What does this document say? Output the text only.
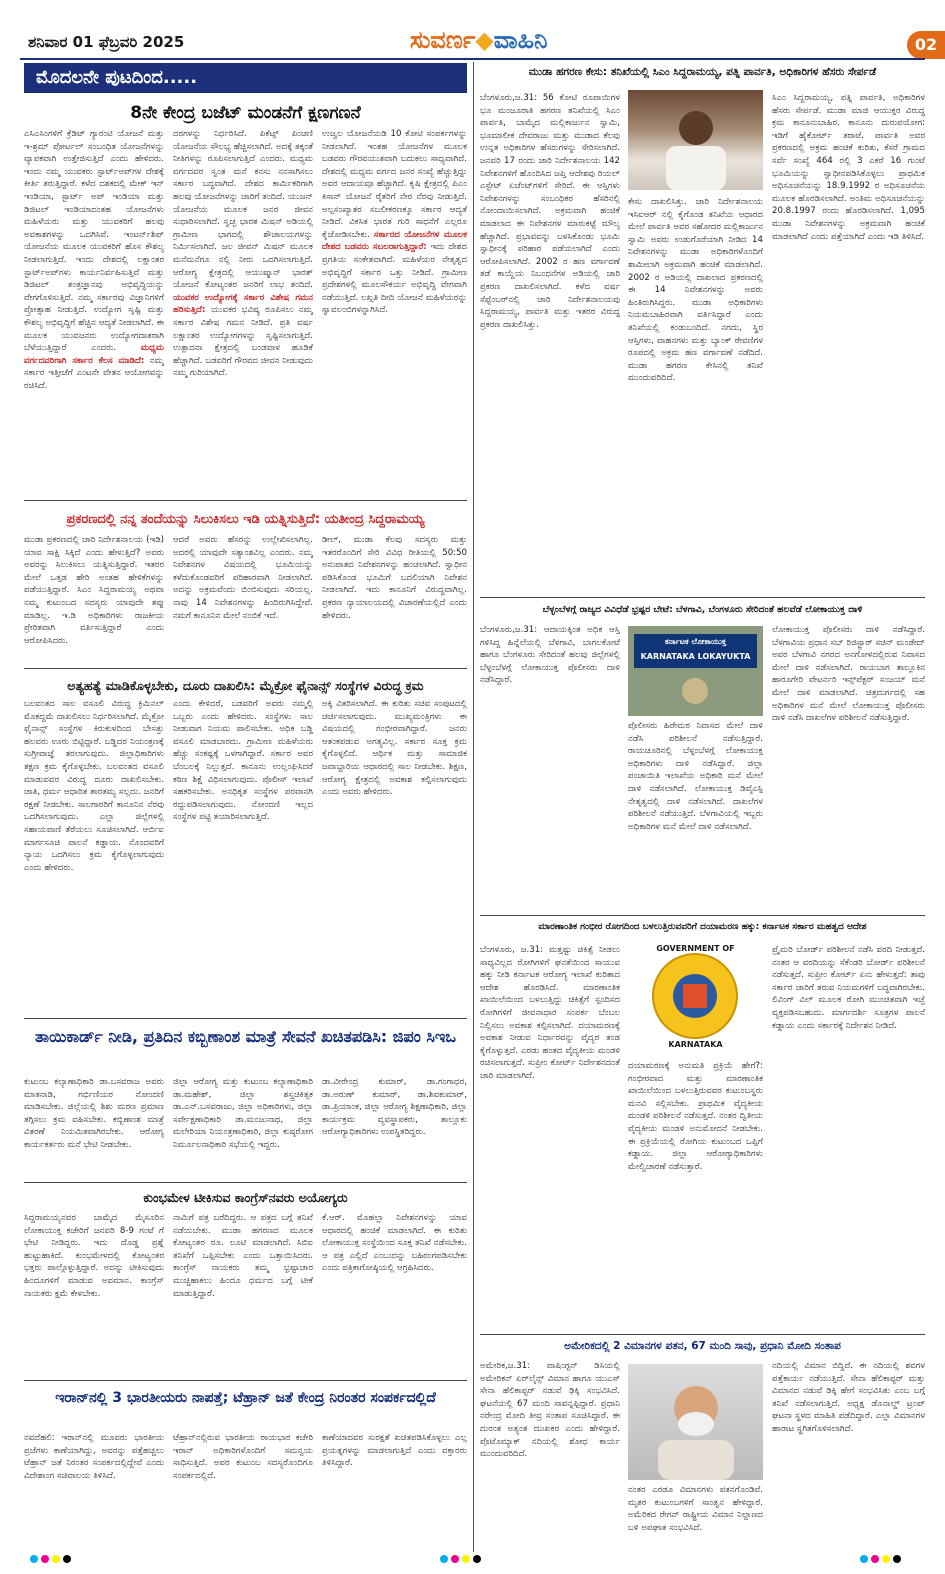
ಶನಿವಾರ 01 ಫೆಬ್ರವರಿ 2025	ಸುವರ್ಣ◆ವಾಹಿನಿ	02
ಮೊದಲನೇ ಪುಟದಿಂದ.....
8ನೇ ಕೇಂದ್ರ ಬಜೆಟ್ ಮಂಡನೆಗೆ ಕ್ಷಣಗಣನೆ
ಎಸಿಎಸಿಂಗಳಿಗೆ ಕ್ರೆಡಿಟ್ ಗ್ಯಾರಂಟಿ ಯೋಜನೆ ಮತ್ತು ಇ-ಶ್ರಮ್ ಪೋರ್ಟಲ್ ಸಂಬಂಧಿತ ಯೋಜನೆಗಳನ್ನು ವ್ಯಾಪಕವಾಗಿ ಉತ್ತೇಜಿಸುತ್ತಿದೆ ಎಂದು ಹೇಳಿದರು. ಇಂದು ನಮ್ಮ ಯುವಕರು ಸ್ಟಾರ್ಟ್‌ಅಪ್‌ಗಳ ದೇಶಕ್ಕೆ ಕೀರ್ತಿ ತರುತ್ತಿದ್ದಾರೆ. ಕಳೆದ ದಶಕದಲ್ಲಿ ಮೇಕ್ ಇನ್ ಇಂಡಿಯಾ, ಸ್ಟಾರ್ಟ್ ಅಪ್ ಇಂಡಿಯಾ ಮತ್ತು ಡಿಜಿಟಲ್ ಇಂಡಿಯಾದಂತಹ ಯೋಜನೆಗಳು ಮಹಿಳೆಯರು ಮತ್ತು ಯುವಕರಿಗೆ ಹಲವು ಅವಕಾಶಗಳನ್ನು ಒದಗಿಸಿವೆ. ಇಂಟರ್ನ್‌ಶಿಪ್ ಯೋಜನೆಯ ಮೂಲಕ ಯುವಕರಿಗೆ ಹೊಸ ಕೌಶಲ್ಯ ನೀಡಲಾಗುತ್ತಿದೆ. ಇಂದು ದೇಶದಲ್ಲಿ ಲಕ್ಷಾಂತರ ಸ್ಟಾರ್ಟ್‌ಅಪ್‌ಗಳು ಕಾರ್ಯನಿರ್ವಹಿಸುತ್ತಿವೆ ಮತ್ತು ಡಿಜಿಟಲ್ ತಂತ್ರಜ್ಞಾನವು ಅಭಿವೃದ್ಧಿಯನ್ನು ವೇಗಗೊಳಿಸುತ್ತಿದೆ. ನಮ್ಮ ಸರ್ಕಾರವು ವಿಜ್ಞಾನಿಗಳಿಗೆ ಪ್ರೋತ್ಸಾಹ ನೀಡುತ್ತಿದೆ. ಉದ್ಯೋಗ ಸೃಷ್ಟಿ ಮತ್ತು ಕೌಶಲ್ಯ ಅಭಿವೃದ್ಧಿಗೆ ಹೆಚ್ಚಿನ ಆದ್ಯತೆ ನೀಡಲಾಗಿದೆ. ಈ ಮೂಲಕ ಯುವಜನರು ಉದ್ಯೋಗದಾತರಾಗಿ ಬೆಳೆಯುತ್ತಿದ್ದಾರೆ ಎಂದರು.	ಮಧ್ಯಮ ವರ್ಗದವರಿಗಾಗಿ ಸರ್ಕಾರ ಕೆಲಸ ಮಾಡಿದೆ: ನಮ್ಮ ಸರ್ಕಾರ ಇತ್ತೀಚೆಗೆ ಎಂಟನೇ ವೇತನ ಆಯೋಗವನ್ನು ರಚಿಸಿದೆ.
ದರಗಳನ್ನು ನಿರ್ಧರಿಸಿದೆ. ಪಿಕೆಟ್ಸ್ ಪಿಂಚಣಿ ಯೋಜನೆಯ ಸೌಲಭ್ಯ ಹೆಚ್ಚಿಸಲಾಗಿದೆ. ಅದಕ್ಕೆ ತಕ್ಕಂತೆ ನೀತಿಗಳನ್ನು ರೂಪಿಸಲಾಗುತ್ತಿದೆ ಎಂದರು. ಮಧ್ಯಮ ವರ್ಗದವರ ಸ್ವಂತ ಮನೆ ಕನಸು ನನಸಾಗಿಸಲು ಸರ್ಕಾರ ಬದ್ಧವಾಗಿದೆ. ದೇಶದ ಕಾರ್ಮಿಕರಿಗಾಗಿ ಹಲವು ಯೋಜನೆಗಳನ್ನು ಜಾರಿಗೆ ತಂದಿದೆ. ಯುಜನ್ ಯೋಜನೆಯ ಮೂಲಕ ಜನರ ಜೀವನ ಸುಧಾರಿಸಲಾಗಿದೆ. ಸ್ವಚ್ಛ ಭಾರತ ಮಿಷನ್ ಅಡಿಯಲ್ಲಿ ಗ್ರಾಮೀಣ ಭಾಗದಲ್ಲಿ ಶೌಚಾಲಯಗಳನ್ನು ನಿರ್ಮಿಸಲಾಗಿದೆ. ಜಲ ಜೀವನ್ ಮಿಷನ್ ಮೂಲಕ ಮನೆಮನೆಗೂ ನಲ್ಲಿ ನೀರು ಒದಗಿಸಲಾಗುತ್ತಿದೆ. ಆರೋಗ್ಯ ಕ್ಷೇತ್ರದಲ್ಲಿ ಆಯುಷ್ಮಾನ್ ಭಾರತ್ ಯೋಜನೆ ಕೋಟ್ಯಂತರ ಜನರಿಗೆ ಲಾಭ ತಂದಿದೆ. ಯುವಕರ ಉದ್ಯೋಗಕ್ಕೆ ಸರ್ಕಾರ ವಿಶೇಷ ಗಮನ ಹರಿಸುತ್ತಿದೆ: ಯುವಕರ ಭವಿಷ್ಯ ರೂಪಿಸಲು ನಮ್ಮ ಸರ್ಕಾರ ವಿಶೇಷ ಗಮನ ನೀಡಿದೆ. ಪ್ರತಿ ವರ್ಷ ಲಕ್ಷಾಂತರ ಉದ್ಯೋಗಗಳನ್ನು ಸೃಷ್ಟಿಸಲಾಗುತ್ತಿದೆ. ಉತ್ಪಾದನಾ ಕ್ಷೇತ್ರದಲ್ಲಿ ಬಂಡವಾಳ ಹೂಡಿಕೆ ಹೆಚ್ಚಾಗಿದೆ. ಬಡವರಿಗೆ ಗೌರವದ ಜೀವನ ನೀಡುವುದು ನಮ್ಮ ಗುರಿಯಾಗಿದೆ.
ಉಜ್ವಲ ಯೋಜನೆಯಡಿ 10 ಕೋಟಿ ಸಂಪರ್ಕಗಳನ್ನು ನೀಡಲಾಗಿದೆ. ಇಂತಹ ಯೋಜನೆಗಳ ಮೂಲಕ ಬಡವರು ಗೌರವಯುತವಾಗಿ ಬದುಕಲು ಸಾಧ್ಯವಾಗಿದೆ. ದೇಶದಲ್ಲಿ ಮಧ್ಯಮ ವರ್ಗದ ಜನರ ಸಂಖ್ಯೆ ಹೆಚ್ಚುತ್ತಿದ್ದು ಅವರ ಆದಾಯವೂ ಹೆಚ್ಚಾಗಿದೆ. ಕೃಷಿ ಕ್ಷೇತ್ರದಲ್ಲಿ ಪಿಎಂ ಕಿಸಾನ್ ಯೋಜನೆ ರೈತರಿಗೆ ನೇರ ನೆರವು ನೀಡುತ್ತಿದೆ. ಅಲ್ಪಸಂಖ್ಯಾತರ ಸಬಲೀಕರಣಕ್ಕೂ ಸರ್ಕಾರ ಆದ್ಯತೆ ನೀಡಿದೆ. ವಿಕಸಿತ ಭಾರತ ಗುರಿ ಸಾಧನೆಗೆ ಎಲ್ಲರೂ ಕೈಜೋಡಿಸಬೇಕು. ಸರ್ಕಾರದ ಯೋಜನೆಗಳ ಮೂಲಕ ದೇಶದ ಬಡವರು ಸಬಲರಾಗುತ್ತಿದ್ದಾರೆ: ಇದು ದೇಶದ ಪ್ರಗತಿಯ ಸಂಕೇತವಾಗಿದೆ. ಮಹಿಳೆಯರ ನೇತೃತ್ವದ ಅಭಿವೃದ್ಧಿಗೆ ಸರ್ಕಾರ ಒತ್ತು ನೀಡಿದೆ. ಗ್ರಾಮೀಣ ಪ್ರದೇಶಗಳಲ್ಲಿ ಮೂಲಸೌಕರ್ಯ ಅಭಿವೃದ್ಧಿ ವೇಗವಾಗಿ ನಡೆಯುತ್ತಿದೆ. ಲಖ್ಪತಿ ದೀದಿ ಯೋಜನೆ ಮಹಿಳೆಯರನ್ನು ಸ್ವಾವಲಂಬಿಗಳನ್ನಾಗಿಸಿದೆ.
ಪ್ರಕರಣದಲ್ಲಿ ನನ್ನ ತಂದೆಯನ್ನು ಸಿಲುಕಿಸಲು ಇಡಿ ಯತ್ನಿಸುತ್ತಿದೆ: ಯತೀಂದ್ರ ಸಿದ್ದರಾಮಯ್ಯ
ಮುಡಾ ಪ್ರಕರಣದಲ್ಲಿ ಜಾರಿ ನಿರ್ದೇಶನಾಲಯ (ಇಡಿ) ಯಾವ ಸಾಕ್ಷಿ ಸಿಕ್ಕಿದೆ ಎಂದು ಹೇಳುತ್ತಿದೆ? ಅವರು ಅವರನ್ನು ಸಿಲುಕಿಸಲು ಯತ್ನಿಸುತ್ತಿದ್ದಾರೆ. ಇತರರ ಮೇಲೆ ಒತ್ತಡ ಹೇರಿ ಅಂತಹ ಹೇಳಿಕೆಗಳನ್ನು ಪಡೆಯುತ್ತಿದ್ದಾರೆ. ಸಿಎಂ ಸಿದ್ದರಾಮಯ್ಯ ಅಥವಾ ನಮ್ಮ ಕುಟುಂಬದ ಸದಸ್ಯರು ಯಾವುದೇ ತಪ್ಪು ಮಾಡಿಲ್ಲ. ಇ.ಡಿ ಅಧಿಕಾರಿಗಳು ರಾಜಕೀಯ ಪ್ರೇರಿತವಾಗಿ ವರ್ತಿಸುತ್ತಿದ್ದಾರೆ ಎಂದು ಆರೋಪಿಸಿದರು.
ಆದರೆ ಅವರು ಹೆಸರನ್ನು ಉಲ್ಲೇಖಿಸಲಾಗಿಲ್ಲ. ಅದರಲ್ಲಿ ಯಾವುದೇ ಸತ್ಯಾಂಶವಿಲ್ಲ ಎಂದರು. ನಮ್ಮ ನಿವೇಶನಗಳ ವಿಷಯದಲ್ಲಿ ಭೂಮಿಯನ್ನು ಕಳೆದುಕೊಂಡವರಿಗೆ ಪರಿಹಾರವಾಗಿ ನೀಡಲಾಗಿದೆ. ಅದನ್ನು ಅಕ್ರಮವೆಂದು ಬಿಂಬಿಸುವುದು ಸರಿಯಲ್ಲ. ನಾವು 14 ನಿವೇಶನಗಳನ್ನು ಹಿಂದಿರುಗಿಸಿದ್ದೇವೆ. ನಮಗೆ ಕಾನೂನಿನ ಮೇಲೆ ನಂಬಿಕೆ ಇದೆ.
ಡೀಲ್, ಮುಡಾ ಕೆಲವು ಸದಸ್ಯರು ಮತ್ತು ಇತರರೊಂದಿಗೆ ಸೇರಿ ವಿವಿಧ ರೀತಿಯಲ್ಲಿ 50:50 ಅನುಪಾತದ ನಿವೇಶನಗಳನ್ನು ಹಂಚಲಾಗಿದೆ. ಸ್ವಾಧೀನ ಪಡಿಸಿಕೊಂಡ ಭೂಮಿಗೆ ಬದಲಿಯಾಗಿ ನಿವೇಶನ ನೀಡಲಾಗಿದೆ. ಇದು ಕಾನೂನಿಗೆ ವಿರುದ್ಧವಾಗಿಲ್ಲ. ಪ್ರಕರಣ ನ್ಯಾಯಾಲಯದಲ್ಲಿ ವಿಚಾರಣೆಯಲ್ಲಿದೆ ಎಂದು ಹೇಳಿದರು.
ಅತ್ಯಹತ್ಯೆ ಮಾಡಿಕೊಳ್ಳಬೇಕು, ದೂರು ದಾಖಲಿಸಿ: ಮೈಕ್ರೋ ಫೈನಾನ್ಸ್ ಸಂಸ್ಥೆಗಳ ವಿರುದ್ಧ ಕ್ರಮ
ಬಲವಂತದ ಸಾಲ ವಸೂಲಿ ವಿರುದ್ಧ ಕ್ರಿಮಿನಲ್ ಮೊಕದ್ದಮೆ ದಾಖಲಿಸಲು ನಿರ್ಧರಿಸಲಾಗಿದೆ. ಮೈಕ್ರೋ ಫೈನಾನ್ಸ್ ಸಂಸ್ಥೆಗಳ ಕಿರುಕುಳದಿಂದ ಬೇಸತ್ತು ಹಲವರು ಊರು ಬಿಟ್ಟಿದ್ದಾರೆ. ಬಡ್ಡಿದರ ನಿಯಂತ್ರಣಕ್ಕೆ ಸುಗ್ರೀವಾಜ್ಞೆ ತರಲಾಗುವುದು. ಜಿಲ್ಲಾಧಿಕಾರಿಗಳು ತಕ್ಷಣ ಕ್ರಮ ಕೈಗೊಳ್ಳಬೇಕು. ಬಲವಂತದ ವಸೂಲಿ ಮಾಡುವವರ ವಿರುದ್ಧ ದೂರು ದಾಖಲಿಸಬೇಕು. ಜಾತಿ, ಧರ್ಮ ಆಧಾರಿತ ತಾರತಮ್ಯ ಸಲ್ಲದು. ಜನರಿಗೆ ರಕ್ಷಣೆ ನೀಡಬೇಕು. ಸಾಲಗಾರರಿಗೆ ಕಾನೂನಿನ ನೆರವು ಒದಗಿಸಲಾಗುವುದು. ಎಲ್ಲಾ ಜಿಲ್ಲೆಗಳಲ್ಲಿ ಸಹಾಯವಾಣಿ ತೆರೆಯಲು ಸೂಚಿಸಲಾಗಿದೆ. ಆರ್ಬಿಐ ಮಾರ್ಗಸೂಚಿ ಪಾಲನೆ ಕಡ್ಡಾಯ. ನೊಂದವರಿಗೆ ನ್ಯಾಯ ಒದಗಿಸಲು ಕ್ರಮ ಕೈಗೊಳ್ಳಲಾಗುವುದು ಎಂದು ಹೇಳಿದರು.
ಎಂದು ಕೇಳಿದರೆ, ಬಡವರಿಗೆ ಅವರು ನಮ್ಮಲ್ಲಿ ಒಬ್ಬರು ಎಂದು ಹೇಳಿದರು. ಸಂಸ್ಥೆಗಳು ಸಾಲ ನೀಡುವಾಗ ನಿಯಮ ಪಾಲಿಸಬೇಕು. ಅಧಿಕ ಬಡ್ಡಿ ವಸೂಲಿ ಮಾಡಬಾರದು. ಗ್ರಾಮೀಣ ಮಹಿಳೆಯರು ಹೆಚ್ಚು ಸಂಕಷ್ಟಕ್ಕೆ ಒಳಗಾಗಿದ್ದಾರೆ. ಸರ್ಕಾರ ಅವರ ಬೆಂಬಲಕ್ಕೆ ನಿಲ್ಲುತ್ತದೆ. ಕಾನೂನು ಉಲ್ಲಂಘಿಸಿದರೆ ಕಠಿಣ ಶಿಕ್ಷೆ ವಿಧಿಸಲಾಗುವುದು. ಪೊಲೀಸ್ ಇಲಾಖೆ ಸಹಕರಿಸಬೇಕು. ಅನಧಿಕೃತ ಸಂಸ್ಥೆಗಳ ಪರವಾನಗಿ ರದ್ದುಪಡಿಸಲಾಗುವುದು. ನೋಂದಣಿ ಇಲ್ಲದ ಸಂಸ್ಥೆಗಳ ಪಟ್ಟಿ ತಯಾರಿಸಲಾಗುತ್ತಿದೆ.
ಅಕ್ಕಿ ವಿತರಿಸಲಾಗಿದೆ. ಈ ಕುರಿತು ಸಚಿವ ಸಂಪುಟದಲ್ಲಿ ಚರ್ಚಿಸಲಾಗುವುದು. ಮುಖ್ಯಮಂತ್ರಿಗಳು ಈ ವಿಷಯದಲ್ಲಿ ಗಂಭೀರವಾಗಿದ್ದಾರೆ. ಜನರು ಆತಂಕಪಡುವ ಅಗತ್ಯವಿಲ್ಲ. ಸರ್ಕಾರ ಸೂಕ್ತ ಕ್ರಮ ಕೈಗೊಳ್ಳಲಿದೆ. ಆರ್ಥಿಕ ಮತ್ತು ಸಾಮಾಜಿಕ ಜವಾಬ್ದಾರಿಯ ಆಧಾರದಲ್ಲಿ ಸಾಲ ನೀಡಬೇಕು. ಶಿಕ್ಷಣ, ಆರೋಗ್ಯ ಕ್ಷೇತ್ರದಲ್ಲಿ ಅವಕಾಶ ಕಲ್ಪಿಸಲಾಗುವುದು ಎಂದು ಅವರು ಹೇಳಿದರು.
ತಾಯಿಕಾರ್ಡ್ ನೀಡಿ, ಪ್ರತಿದಿನ ಕಬ್ಬಿಣಾಂಶ ಮಾತ್ರೆ ಸೇವನೆ ಖಚಿತಪಡಿಸಿ: ಜಿಪಂ ಸಿಇಒ
ಕುಟುಂಬ ಕಲ್ಯಾಣಾಧಿಕಾರಿ ಡಾ.ಬಸವರಾಜ ಅವರು ಮಾತನಾಡಿ, ಗರ್ಭಿಣಿಯರ ನೋಂದಣಿ ಮಾಡಿಸಬೇಕು. ಜಿಲ್ಲೆಯಲ್ಲಿ ಶಿಶು ಮರಣ ಪ್ರಮಾಣ ತಗ್ಗಿಸಲು ಕ್ರಮ ವಹಿಸಬೇಕು. ಕಬ್ಬಿಣಾಂಶ ಮಾತ್ರೆ ವಿತರಣೆ ನಿಯಮಿತವಾಗಿರಬೇಕು. ಆರೋಗ್ಯ ಕಾರ್ಯಕರ್ತರು ಮನೆ ಭೇಟಿ ನೀಡಬೇಕು.
ಜಿಲ್ಲಾ ಆರೋಗ್ಯ ಮತ್ತು ಕುಟುಂಬ ಕಲ್ಯಾಣಾಧಿಕಾರಿ ಡಾ.ಮಹೇಶ್, ಜಿಲ್ಲಾ ಶಸ್ತ್ರಚಿಕಿತ್ಸಕ ಡಾ.ಎನ್.ಬಸವರಾಜು, ಜಿಲ್ಲಾ ಅಧಿಕಾರಿಗಳು, ಜಿಲ್ಲಾ ಸರ್ವೇಕ್ಷಣಾಧಿಕಾರಿ ಡಾ.ಮಂಜುನಾಥ, ಜಿಲ್ಲಾ ಮಲೇರಿಯಾ ನಿಯಂತ್ರಣಾಧಿಕಾರಿ, ಜಿಲ್ಲಾ ಕುಷ್ಠರೋಗ ನಿರ್ಮೂಲನಾಧಿಕಾರಿ ಸಭೆಯಲ್ಲಿ ಇದ್ದರು.
ಡಾ.ವೀರೇಂದ್ರ ಕುಮಾರ್, ಡಾ.ಗಂಗಾಧರ, ಡಾ.ಅರುಣ್ ಕುಮಾರ್, ಡಾ.ಶಿವಕುಮಾರ್, ಡಾ.ಪ್ರಿಯಾಂಕ, ಜಿಲ್ಲಾ ಆರೋಗ್ಯ ಶಿಕ್ಷಣಾಧಿಕಾರಿ, ಜಿಲ್ಲಾ ಕಾರ್ಯಕ್ರಮ ವ್ಯವಸ್ಥಾಪಕರು, ತಾಲ್ಲೂಕು ಆರೋಗ್ಯಾಧಿಕಾರಿಗಳು ಉಪಸ್ಥಿತರಿದ್ದರು.
ಕುಂಭಮೇಳ ಟೀಕಿಸುವ ಕಾಂಗ್ರೆಸ್‌ನವರು ಅಯೋಗ್ಯರು
ಸಿದ್ದರಾಮಯ್ಯನವರ ಬಾಮೈದ ಮೈಸೂರಿನ ಲೋಕಾಯುಕ್ತ ಕಚೇರಿಗೆ ಜನವರಿ 8-9 ಗಂಟೆ ಗೆ ಭೇಟಿ ನೀಡಿದ್ದರು. ಇದು ದೊಡ್ಡ ಪ್ರಶ್ನೆ ಹುಟ್ಟುಹಾಕಿದೆ. ಕುಂಭಮೇಳದಲ್ಲಿ ಕೋಟ್ಯಂತರ ಭಕ್ತರು ಪಾಲ್ಗೊಳ್ಳುತ್ತಿದ್ದಾರೆ. ಅದನ್ನು ಟೀಕಿಸುವುದು ಹಿಂದೂಗಳಿಗೆ ಮಾಡುವ ಅವಮಾನ. ಕಾಂಗ್ರೆಸ್ ನಾಯಕರು ಕ್ಷಮೆ ಕೇಳಬೇಕು.
ನಾಮಿಗೆ ಪತ್ರ ಬರೆದಿದ್ದರು. ಆ ಪತ್ರದ ಬಗ್ಗೆ ತನಿಖೆ ನಡೆಯಬೇಕು. ಮುಡಾ ಹಗರಣದ ಮೂಲಕ ಕೋಟ್ಯಂತರ ರೂ. ಲೂಟಿ ಮಾಡಲಾಗಿದೆ. ಸಿಬಿಐ ತನಿಖೆಗೆ ಒಪ್ಪಿಸಬೇಕು ಎಂದು ಒತ್ತಾಯಿಸಿದರು. ಕಾಂಗ್ರೆಸ್ ನಾಯಕರು ತಮ್ಮ ಭ್ರಷ್ಟಾಚಾರ ಮುಚ್ಚಿಹಾಕಲು ಹಿಂದೂ ಧರ್ಮದ ಬಗ್ಗೆ ಟೀಕೆ ಮಾಡುತ್ತಿದ್ದಾರೆ.
ಕೆ.ಆರ್. ಮೊಹಲ್ಲಾ ನಿವೇಶನಗಳನ್ನು ಯಾವ ಆಧಾರದಲ್ಲಿ ಹಂಚಿಕೆ ಮಾಡಲಾಗಿದೆ. ಈ ಕುರಿತು ಲೋಕಾಯುಕ್ತ ಸಂಸ್ಥೆಯಿಂದ ಸೂಕ್ತ ತನಿಖೆ ನಡೆಸಬೇಕು. ಆ ಪತ್ರ ಎಲ್ಲಿದೆ ಎಂಬುದನ್ನು ಬಹಿರಂಗಪಡಿಸಬೇಕು ಎಂದು ಪತ್ರಿಕಾಗೋಷ್ಠಿಯಲ್ಲಿ ಆಗ್ರಹಿಸಿದರು.
ಇರಾನ್‌ನಲ್ಲಿ 3 ಭಾರತೀಯರು ನಾಪತ್ತೆ; ಟೆಹ್ರಾನ್ ಜತೆ ಕೇಂದ್ರ ನಿರಂತರ ಸಂಪರ್ಕದಲ್ಲಿದೆ
ನವದೆಹಲಿ: ಇರಾನ್‌ನಲ್ಲಿ ಮೂವರು ಭಾರತೀಯ ಪ್ರಜೆಗಳು ಕಾಣೆಯಾಗಿದ್ದು, ಅವರನ್ನು ಪತ್ತೆಹಚ್ಚಲು ಟೆಹ್ರಾನ್ ಜತೆ ನಿರಂತರ ಸಂಪರ್ಕದಲ್ಲಿದ್ದೇವೆ ಎಂದು ವಿದೇಶಾಂಗ ಸಚಿವಾಲಯ ತಿಳಿಸಿದೆ.
ಟೆಹ್ರಾನ್‌ನಲ್ಲಿರುವ ಭಾರತೀಯ ರಾಯಭಾರ ಕಚೇರಿ ಇರಾನ್ ಅಧಿಕಾರಿಗಳೊಂದಿಗೆ ಸಮನ್ವಯ ಸಾಧಿಸುತ್ತಿದೆ. ಅವರ ಕುಟುಂಬ ಸದಸ್ಯರೊಂದಿಗೂ ಸಂಪರ್ಕದಲ್ಲಿದೆ.
ಕಾಣೆಯಾದವರ ಸುರಕ್ಷತೆ ಖಚಿತಪಡಿಸಿಕೊಳ್ಳಲು ಎಲ್ಲ ಪ್ರಯತ್ನಗಳನ್ನು ಮಾಡಲಾಗುತ್ತಿದೆ ಎಂದು ವಕ್ತಾರರು ತಿಳಿಸಿದ್ದಾರೆ.
ಮುಡಾ ಹಗರಣ ಕೇಸು: ತನಿಖೆಯಲ್ಲಿ ಸಿಎಂ ಸಿದ್ದರಾಮಯ್ಯ, ಪತ್ನಿ ಪಾರ್ವತಿ, ಅಧಿಕಾರಿಗಳ ಹೆಸರು ಸೇರ್ಪಡೆ
ಬೆಂಗಳೂರು,ಜ.31: 56 ಕೋಟಿ ರೂಪಾಯಿಗಳ ಭೂ ಮಂಜೂರಾತಿ ಹಗರಣ ತನಿಖೆಯಲ್ಲಿ ಸಿಎಂ ಪಾರ್ವತಿ, ಬಾಮೈದ ಮಲ್ಲಿಕಾರ್ಜುನ ಸ್ವಾಮಿ, ಭೂಮಾಲೀಕ ದೇವರಾಜು ಮತ್ತು ಮುಡಾದ ಕೆಲವು ಉನ್ನತ ಅಧಿಕಾರಿಗಳ ಹೆಸರುಗಳನ್ನು ಸೇರಿಸಲಾಗಿದೆ. ಜನವರಿ 17 ರಂದು ಜಾರಿ ನಿರ್ದೇಶನಾಲಯ 142 ನಿವೇಶನಗಳಿಗೆ ಹೊಂದಿಸಿದ ಜಪ್ತಿ ಆದೇಶವು ರಿಯಲ್ ಎಸ್ಟೇಟ್ ಏಜೆಂಟ್‌ಗಳಿಗೆ ಸೇರಿದೆ. ಈ ಆಸ್ತಿಗಳು ನಿವೇಶನಗಳನ್ನು ಸಂಬಂಧಿಕರ ಹೆಸರಿನಲ್ಲಿ ನೋಂದಾಯಿಸಲಾಗಿದೆ. ಅಕ್ರಮವಾಗಿ ಹಂಚಿಕೆ ಮಾಡಲಾದ ಈ ನಿವೇಶನಗಳ ಮಾರುಕಟ್ಟೆ ಮೌಲ್ಯ ಹೆಚ್ಚಾಗಿದೆ. ಪ್ರಭಾವವನ್ನು ಬಳಸಿಕೊಂಡು ಭೂಮಿ ಸ್ವಾಧೀನಕ್ಕೆ ಪರಿಹಾರ ಪಡೆಯಲಾಗಿದೆ ಎಂದು ಆರೋಪಿಸಲಾಗಿದೆ. 2002 ರ ಹಣ ವರ್ಗಾವಣೆ ತಡೆ ಕಾಯ್ದೆಯ ನಿಬಂಧನೆಗಳ ಅಡಿಯಲ್ಲಿ ಜಾರಿ ಪ್ರಕರಣ ದಾಖಲಿಸಲಾಗಿದೆ. ಕಳೆದ ವರ್ಷ ಸೆಪ್ಟೆಂಬರ್‌ನಲ್ಲಿ ಜಾರಿ ನಿರ್ದೇಶನಾಲಯವು ಸಿದ್ದರಾಮಯ್ಯ, ಪಾರ್ವತಿ ಮತ್ತು ಇತರರ ವಿರುದ್ಧ ಪ್ರಕರಣ ದಾಖಲಿಸಿತ್ತು.
ಕೇಸು ದಾಖಲಿಸಿತ್ತು. ಜಾರಿ ನಿರ್ದೇಶನಾಲಯ ಇಸಿಐಆರ್ ನಲ್ಲಿ ಕೈಗೊಂಡ ತನಿಖೆಯ ಆಧಾರದ ಮೇಲೆ ಪಾರ್ವತಿ ಅವರ ಸಹೋದರ ಮಲ್ಲಿಕಾರ್ಜುನ ಸ್ವಾಮಿ ಅವರು ಉಡುಗೊರೆಯಾಗಿ ನೀಡಿದ 14 ನಿವೇಶನಗಳನ್ನು ಮುಡಾ ಅಧಿಕಾರಿಗಳೊಂದಿಗೆ ಶಾಮೀಲಾಗಿ ಅಕ್ರಮವಾಗಿ ಹಂಚಿಕೆ ಮಾಡಲಾಗಿದೆ. 2002 ರ ಅಡಿಯಲ್ಲಿ ದಾಖಲಾದ ಪ್ರಕರಣದಲ್ಲಿ ಈ 14 ನಿವೇಶನಗಳನ್ನು ಅವರು ಹಿಂತಿರುಗಿಸಿದ್ದರು. ಮುಡಾ ಅಧಿಕಾರಿಗಳು ನಿಯಮಬಾಹಿರವಾಗಿ ವರ್ತಿಸಿದ್ದಾರೆ ಎಂದು ತನಿಖೆಯಲ್ಲಿ ಕಂಡುಬಂದಿದೆ. ನಗದು, ಸ್ಥಿರ ಆಸ್ತಿಗಳು, ವಾಹನಗಳು ಮತ್ತು ಬ್ಯಾಂಕ್ ಠೇವಣಿಗಳ ರೂಪದಲ್ಲಿ ಅಕ್ರಮ ಹಣ ವರ್ಗಾವಣೆ ನಡೆದಿದೆ. ಮುಡಾ ಹಗರಣ ಕೇಸಿನಲ್ಲಿ ತನಿಖೆ ಮುಂದುವರಿದಿದೆ.
ಸಿಎಂ ಸಿದ್ದರಾಮಯ್ಯ, ಪತ್ನಿ ಪಾರ್ವತಿ, ಅಧಿಕಾರಿಗಳ ಹೆಸರು ಸೇರ್ಪಡೆ. ಮುಡಾ ಮಾಜಿ ಆಯುಕ್ತರ ವಿರುದ್ಧ ಕ್ರಮ ಕಾನೂನುಬಾಹಿರ. ಕಾನೂನು ದುರುಪಯೋಗ: ಇಡಿಗೆ ಹೈಕೋರ್ಟ್ ತರಾಟೆ. ಪಾರ್ವತಿ ಅವರ ಪ್ರಕರಣದಲ್ಲಿ ಅಕ್ರಮ ಹಂಚಿಕೆ ಕುರಿತು, ಕೆಸರೆ ಗ್ರಾಮದ ಸರ್ವೆ ಸಂಖ್ಯೆ 464 ರಲ್ಲಿ 3 ಎಕರೆ 16 ಗುಂಟೆ ಭೂಮಿಯನ್ನು ಸ್ವಾಧೀನಪಡಿಸಿಕೊಳ್ಳಲು ಪ್ರಾಥಮಿಕ ಅಧಿಸೂಚನೆಯನ್ನು 18.9.1992 ರ ಅಧಿಸೂಚನೆಯ ಮೂಲಕ ಹೊರಡಿಸಲಾಗಿದೆ. ಅಂತಿಮ ಅಧಿಸೂಚನೆಯನ್ನು 20.8.1997 ರಂದು ಹೊರಡಿಸಲಾಗಿದೆ. 1,095 ಮುಡಾ ನಿವೇಶನಗಳನ್ನು ಅಕ್ರಮವಾಗಿ ಹಂಚಿಕೆ ಮಾಡಲಾಗಿದೆ ಎಂದು ಪತ್ತೆಯಾಗಿದೆ ಎಂದು ಇಡಿ ತಿಳಿಸಿದೆ.
ಬೆಳ್ಳಂಬೆಳಗ್ಗೆ ರಾಜ್ಯದ ವಿವಿಧೆಡೆ ಭ್ರಷ್ಟರ ಬೇಟೆ: ಬೆಳಗಾವಿ, ಬೆಂಗಳೂರು ಸೇರಿದಂತೆ ಹಲವೆಡೆ ಲೋಕಾಯುಕ್ತ ದಾಳಿ
ಬೆಂಗಳೂರು,ಜ.31: ಆದಾಯಕ್ಕಿಂತ ಅಧಿಕ ಆಸ್ತಿ ಗಳಿಸಿದ್ದ ಹಿನ್ನೆಲೆಯಲ್ಲಿ ಬೆಳಗಾವಿ, ಬಾಗಲಕೋಟೆ ಹಾಗೂ ಬೆಂಗಳೂರು ಸೇರಿದಂತೆ ಹಲವು ಜಿಲ್ಲೆಗಳಲ್ಲಿ ಬೆಳ್ಳಂಬೆಳಗ್ಗೆ ಲೋಕಾಯುಕ್ತ ಪೊಲೀಸರು ದಾಳಿ ನಡೆಸಿದ್ದಾರೆ.
ಕರ್ನಾಟಕ ಲೋಕಾಯುಕ್ತ
KARNATAKA LOKAYUKTA
ಪೊಲೀಸರು ಹಿರೇಮಠ ನಿವಾಸದ ಮೇಲೆ ದಾಳಿ ನಡೆಸಿ ಪರಿಶೀಲನೆ ನಡೆಸುತ್ತಿದ್ದಾರೆ. ರಾಯಚೂರಿನಲ್ಲಿ ಬೆಳ್ಳಂಬೆಳಗ್ಗೆ ಲೋಕಾಯುಕ್ತ ಅಧಿಕಾರಿಗಳು ದಾಳಿ ನಡೆಸಿದ್ದಾರೆ. ಜಿಲ್ಲಾ ಪಂಚಾಯಿತಿ ಇಲಾಖೆಯ ಅಧಿಕಾರಿ ಮನೆ ಮೇಲೆ ದಾಳಿ ನಡೆಸಲಾಗಿದೆ. ಲೋಕಾಯುಕ್ತ ಡಿವೈಎಸ್ಪಿ ನೇತೃತ್ವದಲ್ಲಿ ದಾಳಿ ನಡೆಸಲಾಗಿದೆ. ದಾಖಲೆಗಳ ಪರಿಶೀಲನೆ ನಡೆಯುತ್ತಿದೆ. ಬೆಳಗಾವಿಯಲ್ಲಿ ಇಬ್ಬರು ಅಧಿಕಾರಿಗಳ ಮನೆ ಮೇಲೆ ದಾಳಿ ನಡೆಸಲಾಗಿದೆ.
ಲೋಕಾಯುಕ್ತ ಪೊಲೀಸರು ದಾಳಿ ನಡೆಸಿದ್ದಾರೆ. ಬೆಳಗಾವಿಯ ಪ್ರಧಾನ ಸಬ್ ರಿಜಿಸ್ಟ್ರಾರ್ ಸಚಿನ್ ಮಂಡೇದ್ ಅವರ ಬೆಳಗಾವಿ ನಗರದ ಅನಗೋಳದಲ್ಲಿರುವ ನಿವಾಸದ ಮೇಲೆ ದಾಳಿ ನಡೆಸಲಾಗಿದೆ. ರಾಯಬಾಗ ತಾಲ್ಲೂಕಿನ ಹಾರೂಗೇರಿ ವೇಟರ್ನರಿ ಇನ್ಸ್‌ಪೆಕ್ಟರ್ ಸಂಜಯ್ ಮನೆ ಮೇಲೆ ದಾಳಿ ಮಾಡಲಾಗಿದೆ. ಚಿತ್ರದುರ್ಗದಲ್ಲಿ ಸಹ ಅಧಿಕಾರಿಗಳ ಮನೆ ಮೇಲೆ ಲೋಕಾಯುಕ್ತ ಪೊಲೀಸರು ದಾಳಿ ನಡೆಸಿ ದಾಖಲೆಗಳ ಪರಿಶೀಲನೆ ನಡೆಸುತ್ತಿದ್ದಾರೆ.
ಮಾರಣಾಂತಿಕ ಗಂಭೀರ ರೋಗದಿಂದ ಬಳಲುತ್ತಿರುವವರಿಗೆ ದಯಾಮರಣ ಹಕ್ಕು: ಕರ್ನಾಟಕ ಸರ್ಕಾರ ಮಹತ್ವದ ಆದೇಶ
ಬೆಂಗಳೂರು, ಜ.31: ಮತ್ತಷ್ಟು ಚಿಕಿತ್ಸೆ ನೀಡಲು ಸಾಧ್ಯವಿಲ್ಲದ ರೋಗಿಗಳಿಗೆ ಘನತೆಯಿಂದ ಸಾಯುವ ಹಕ್ಕು ನೀಡಿ ಕರ್ನಾಟಕ ಆರೋಗ್ಯ ಇಲಾಖೆ ಕುರಿತಾದ ಆದೇಶ ಹೊರಡಿಸಿದೆ. ಮಾರಣಾಂತಿಕ ಖಾಯಿಲೆಯಿಂದ ಬಳಲುತ್ತಿದ್ದು ಚಿಕಿತ್ಸೆಗೆ ಸ್ಪಂದಿಸದ ರೋಗಿಗಳಿಗೆ ಜೀವನಾಧಾರ ಸಂಪರ್ಕ ಬೆಂಬಲ ನಿಲ್ಲಿಸಲು ಅವಕಾಶ ಕಲ್ಪಿಸಲಾಗಿದೆ. ದಯಾಮರಣಕ್ಕೆ ಅವಕಾಶ ನೀಡುವ ನಿರ್ಧಾರವನ್ನು ವೈದ್ಯರ ತಂಡ ಕೈಗೊಳ್ಳುತ್ತದೆ. ಎರಡು ಹಂತದ ವೈದ್ಯಕೀಯ ಮಂಡಳಿ ರಚಿಸಲಾಗುತ್ತದೆ. ಸುಪ್ರೀಂ ಕೋರ್ಟ್ ನಿರ್ದೇಶನದಂತೆ ಜಾರಿ ಮಾಡಲಾಗಿದೆ.
GOVERNMENT OF
KARNATAKA
ದಯಾಮರಣಕ್ಕೆ ಅನುಮತಿ ಪ್ರಕ್ರಿಯೆ ಹೇಗೆ?: ಗಂಭೀರವಾದ ಮತ್ತು ಮಾರಣಾಂತಿಕ ಖಾಯಿಲೆಯಿಂದ ಬಳಲುತ್ತಿರುವವರ ಕುಟುಂಬಸ್ಥರು ಮನವಿ ಸಲ್ಲಿಸಬೇಕು. ಪ್ರಾಥಮಿಕ ವೈದ್ಯಕೀಯ ಮಂಡಳಿ ಪರಿಶೀಲನೆ ನಡೆಸುತ್ತದೆ. ನಂತರ ದ್ವಿತೀಯ ವೈದ್ಯಕೀಯ ಮಂಡಳಿ ಅನುಮೋದನೆ ನೀಡಬೇಕು. ಈ ಪ್ರಕ್ರಿಯೆಯಲ್ಲಿ ರೋಗಿಯ ಕುಟುಂಬದ ಒಪ್ಪಿಗೆ ಕಡ್ಡಾಯ. ಜಿಲ್ಲಾ ಆರೋಗ್ಯಾಧಿಕಾರಿಗಳು ಮೇಲ್ವಿಚಾರಣೆ ನಡೆಸುತ್ತಾರೆ.
ಪ್ರೈಮರಿ ಬೋರ್ಡ್ ಪರಿಶೀಲನೆ ನಡೆಸಿ ವರದಿ ನೀಡುತ್ತದೆ. ನಂತರ ಆ ವರದಿಯನ್ನು ಸೆಕೆಂಡರಿ ಬೋರ್ಡ್ ಪರಿಶೀಲನೆ ನಡೆಸುತ್ತದೆ. ಸುಪ್ರೀಂ ಕೋರ್ಟ್ ಏನು ಹೇಳುತ್ತದೆ: ತಾವು ಸರ್ಕಾರ ಜಾರಿಗೆ ತರುವ ನಿಯಮಗಳಿಗೆ ಬದ್ಧವಾಗಿರಬೇಕು. ಲಿವಿಂಗ್ ವಿಲ್ ಮೂಲಕ ರೋಗಿ ಮುಂಚಿತವಾಗಿ ಇಚ್ಛೆ ವ್ಯಕ್ತಪಡಿಸಬಹುದು. ಮಾರ್ಗದರ್ಶಿ ಸೂತ್ರಗಳ ಪಾಲನೆ ಕಡ್ಡಾಯ ಎಂದು ಸರ್ಕಾರಕ್ಕೆ ನಿರ್ದೇಶನ ನೀಡಿದೆ.
ಅಮೇರಿಕದಲ್ಲಿ 2 ವಿಮಾನಗಳ ಪತನ, 67 ಮಂದಿ ಸಾವು, ಪ್ರಧಾನಿ ಮೋದಿ ಸಂತಾಪ
ಅಮೇರಿಕ,ಜ.31: ವಾಷಿಂಗ್ಟನ್ ಡಿಸಿಯಲ್ಲಿ ಅಮೇರಿಕನ್ ಏರ್‌ಲೈನ್ಸ್ ವಿಮಾನ ಹಾಗೂ ಯುಎಸ್ ಸೇನಾ ಹೆಲಿಕಾಪ್ಟರ್ ನಡುವೆ ಢಿಕ್ಕಿ ಸಂಭವಿಸಿದೆ. ಘಟನೆಯಲ್ಲಿ 67 ಮಂದಿ ಸಾವನ್ನಪ್ಪಿದ್ದಾರೆ. ಪ್ರಧಾನಿ ನರೇಂದ್ರ ಮೋದಿ ತೀವ್ರ ಸಂತಾಪ ಸೂಚಿಸಿದ್ದಾರೆ. ಈ ದುರಂತ ಅತ್ಯಂತ ದುಃಖಕರ ಎಂದು ಹೇಳಿದ್ದಾರೆ. ಪೊಟೊಮ್ಯಾಕ್ ನದಿಯಲ್ಲಿ ಶೋಧ ಕಾರ್ಯ ಮುಂದುವರಿದಿದೆ.
ನಂತರ ಎರಡೂ ವಿಮಾನಗಳು ಪತನಗೊಂಡಿವೆ. ಮೃತರ ಕುಟುಂಬಗಳಿಗೆ ಸಾಂತ್ವನ ಹೇಳಿದ್ದಾರೆ. ಅಮೆರಿಕದ ರೇಗನ್ ರಾಷ್ಟ್ರೀಯ ವಿಮಾನ ನಿಲ್ದಾಣದ ಬಳಿ ಅಪಘಾತ ಸಂಭವಿಸಿದೆ.
ನದಿಯಲ್ಲಿ ವಿಮಾನ ಬಿದ್ದಿದೆ. ಈ ನದಿಯಲ್ಲಿ ಶವಗಳ ಪತ್ತೆಕಾರ್ಯ ನಡೆಯುತ್ತಿದೆ. ಸೇನಾ ಹೆಲಿಕಾಪ್ಟರ್ ಮತ್ತು ವಿಮಾನದ ನಡುವೆ ಡಿಕ್ಕಿ ಹೇಗೆ ಸಂಭವಿಸಿತು ಎಂಬ ಬಗ್ಗೆ ತನಿಖೆ ನಡೆಸಲಾಗುತ್ತಿದೆ. ಅಧ್ಯಕ್ಷ ಡೊನಾಲ್ಡ್ ಟ್ರಂಪ್ ಘಟನಾ ಸ್ಥಳದ ಮಾಹಿತಿ ಪಡೆದಿದ್ದಾರೆ. ಎಲ್ಲಾ ವಿಮಾನಗಳ ಹಾರಾಟ ಸ್ಥಗಿತಗೊಳಿಸಲಾಗಿದೆ.
